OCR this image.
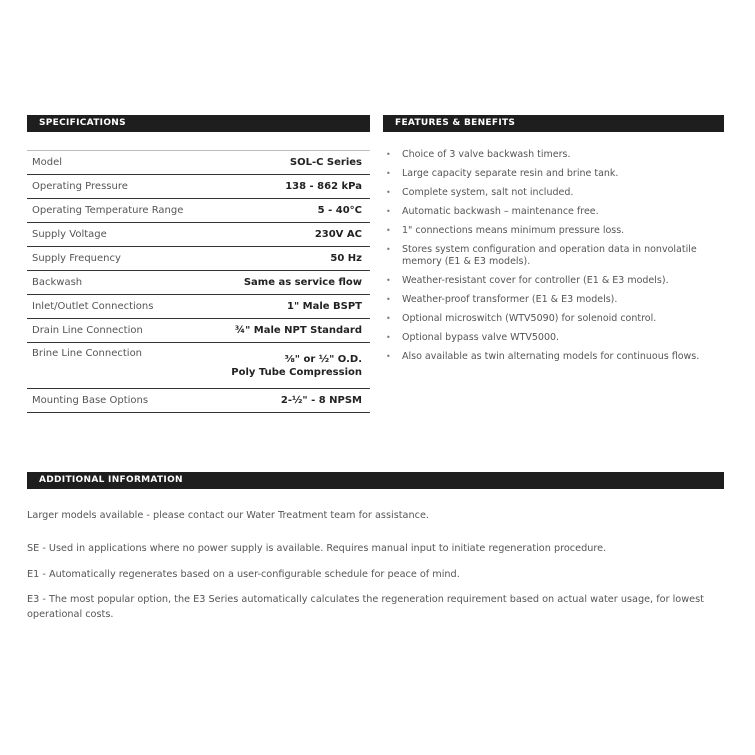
SPECIFICATIONS
Model	SOL-C Series
Operating Pressure	138 - 862 kPa
Operating Temperature Range	5 - 40°C
Supply Voltage	230V AC
Supply Frequency	50 Hz
Backwash	Same as service flow
Inlet/Outlet Connections	1" Male BSPT
Drain Line Connection	¾" Male NPT Standard
Brine Line Connection	⅜" or ½" O.D.
Poly Tube Compression

Mounting Base Options	2-½" - 8 NPSM
FEATURES & BENEFITS
• Choice of 3 valve backwash timers.
• Large capacity separate resin and brine tank.
• Complete system, salt not included.
• Automatic backwash – maintenance free.
• 1" connections means minimum pressure loss.
• Stores system configuration and operation data in nonvolatile memory (E1 & E3 models).
• Weather-resistant cover for controller (E1 & E3 models).
• Weather-proof transformer (E1 & E3 models).
• Optional microswitch (WTV5090) for solenoid control.
• Optional bypass valve WTV5000.
• Also available as twin alternating models for continuous flows.
ADDITIONAL INFORMATION

Larger models available - please contact our Water Treatment team for assistance.

SE - Used in applications where no power supply is available. Requires manual input to initiate regeneration procedure.

E1 - Automatically regenerates based on a user-configurable schedule for peace of mind.

E3 - The most popular option, the E3 Series automatically calculates the regeneration requirement based on actual water usage, for lowest operational costs.
